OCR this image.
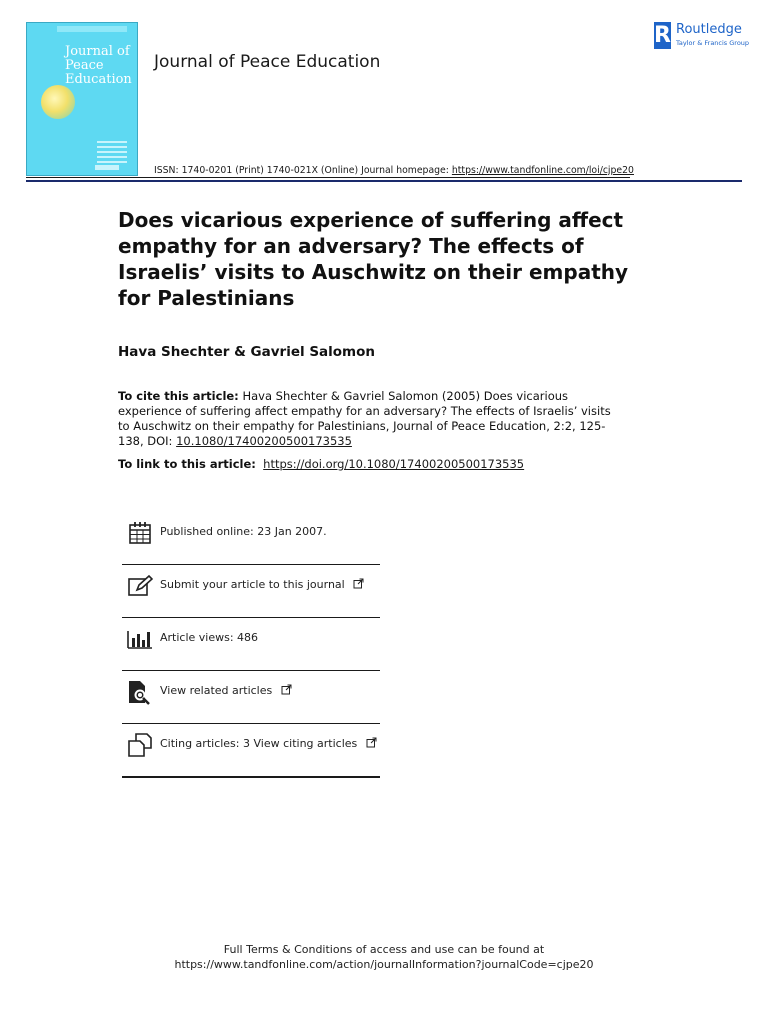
Journal of Peace Education
Journal of Peace Education
R Routledge
Taylor & Francis Group
ISSN: 1740-0201 (Print) 1740-021X (Online) Journal homepage: https://www.tandfonline.com/loi/cjpe20
Does vicarious experience of suffering affect empathy for an adversary? The effects of Israelis’ visits to Auschwitz on their empathy for Palestinians
Hava Shechter & Gavriel Salomon
To cite this article: Hava Shechter & Gavriel Salomon (2005) Does vicarious experience of suffering affect empathy for an adversary? The effects of Israelis’ visits to Auschwitz on their empathy for Palestinians, Journal of Peace Education, 2:2, 125-138, DOI: 10.1080/17400200500173535
To link to this article: https://doi.org/10.1080/17400200500173535
Published online: 23 Jan 2007.
Submit your article to this journal
Article views: 486
View related articles
Citing articles: 3 View citing articles
Full Terms & Conditions of access and use can be found at
https://www.tandfonline.com/action/journalInformation?journalCode=cjpe20
